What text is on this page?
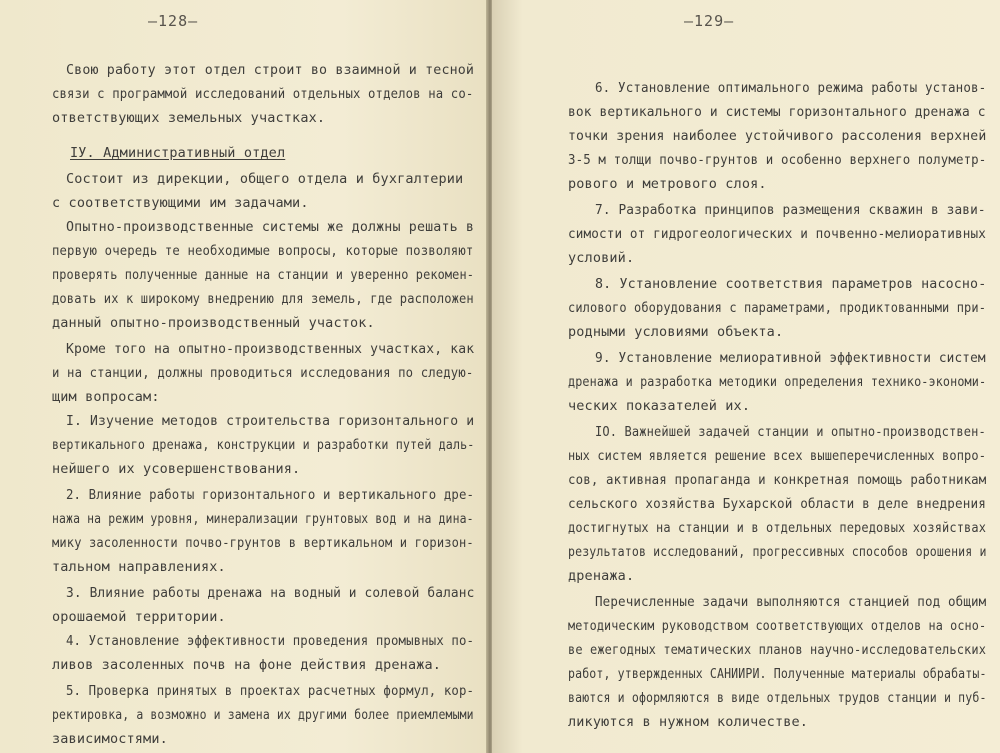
—128—
Свою работу этот отдел строит во взаимной и тесной
связи с программой исследований отдельных отделов на со-
ответствующих земельных участках.
IУ. Административный отдел
Состоит из дирекции, общего отдела и бухгалтерии
с соответствующими им задачами.
Опытно-производственные системы же должны решать в
первую очередь те необходимые вопросы, которые позволяют
проверять полученные данные на станции и уверенно рекомен-
довать их к широкому внедрению для земель, где расположен
данный опытно-производственный участок.
Кроме того на опытно-производственных участках, как
и на станции, должны проводиться исследования по следую-
щим вопросам:
I. Изучение методов строительства горизонтального и
вертикального дренажа, конструкции и разработки путей даль-
нейшего их усовершенствования.
2. Влияние работы горизонтального и вертикального дре-
нажа на режим уровня, минерализации грунтовых вод и на дина-
мику засоленности почво-грунтов в вертикальном и горизон-
тальном направлениях.
3. Влияние работы дренажа на водный и солевой баланс
орошаемой территории.
4. Установление эффективности проведения промывных по-
ливов засоленных почв на фоне действия дренажа.
5. Проверка принятых в проектах расчетных формул, кор-
ректировка, а возможно и замена их другими более приемлемыми
зависимостями.
—129—
6. Установление оптимального режима работы установ-
вок вертикального и системы горизонтального дренажа с
точки зрения наиболее устойчивого рассоления верхней
3-5 м толщи почво-грунтов и особенно верхнего полуметр-
рового и метрового слоя.
7. Разработка принципов размещения скважин в зави-
симости от гидрогеологических и почвенно-мелиоративных
условий.
8. Установление соответствия параметров насосно-
силового оборудования с параметрами, продиктованными при-
родными условиями объекта.
9. Установление мелиоративной эффективности систем
дренажа и разработка методики определения технико-экономи-
ческих показателей их.
IO. Важнейшей задачей станции и опытно-производствен-
ных систем является решение всех вышеперечисленных вопро-
сов, активная пропаганда и конкретная помощь работникам
сельского хозяйства Бухарской области в деле внедрения
достигнутых на станции и в отдельных передовых хозяйствах
результатов исследований, прогрессивных способов орошения и
дренажа.
Перечисленные задачи выполняются станцией под общим
методическим руководством соответствующих отделов на осно-
ве ежегодных тематических планов научно-исследовательских
работ, утвержденных САНИИРИ. Полученные материалы обрабаты-
ваются и оформляются в виде отдельных трудов станции и пуб-
ликуются в нужном количестве.
